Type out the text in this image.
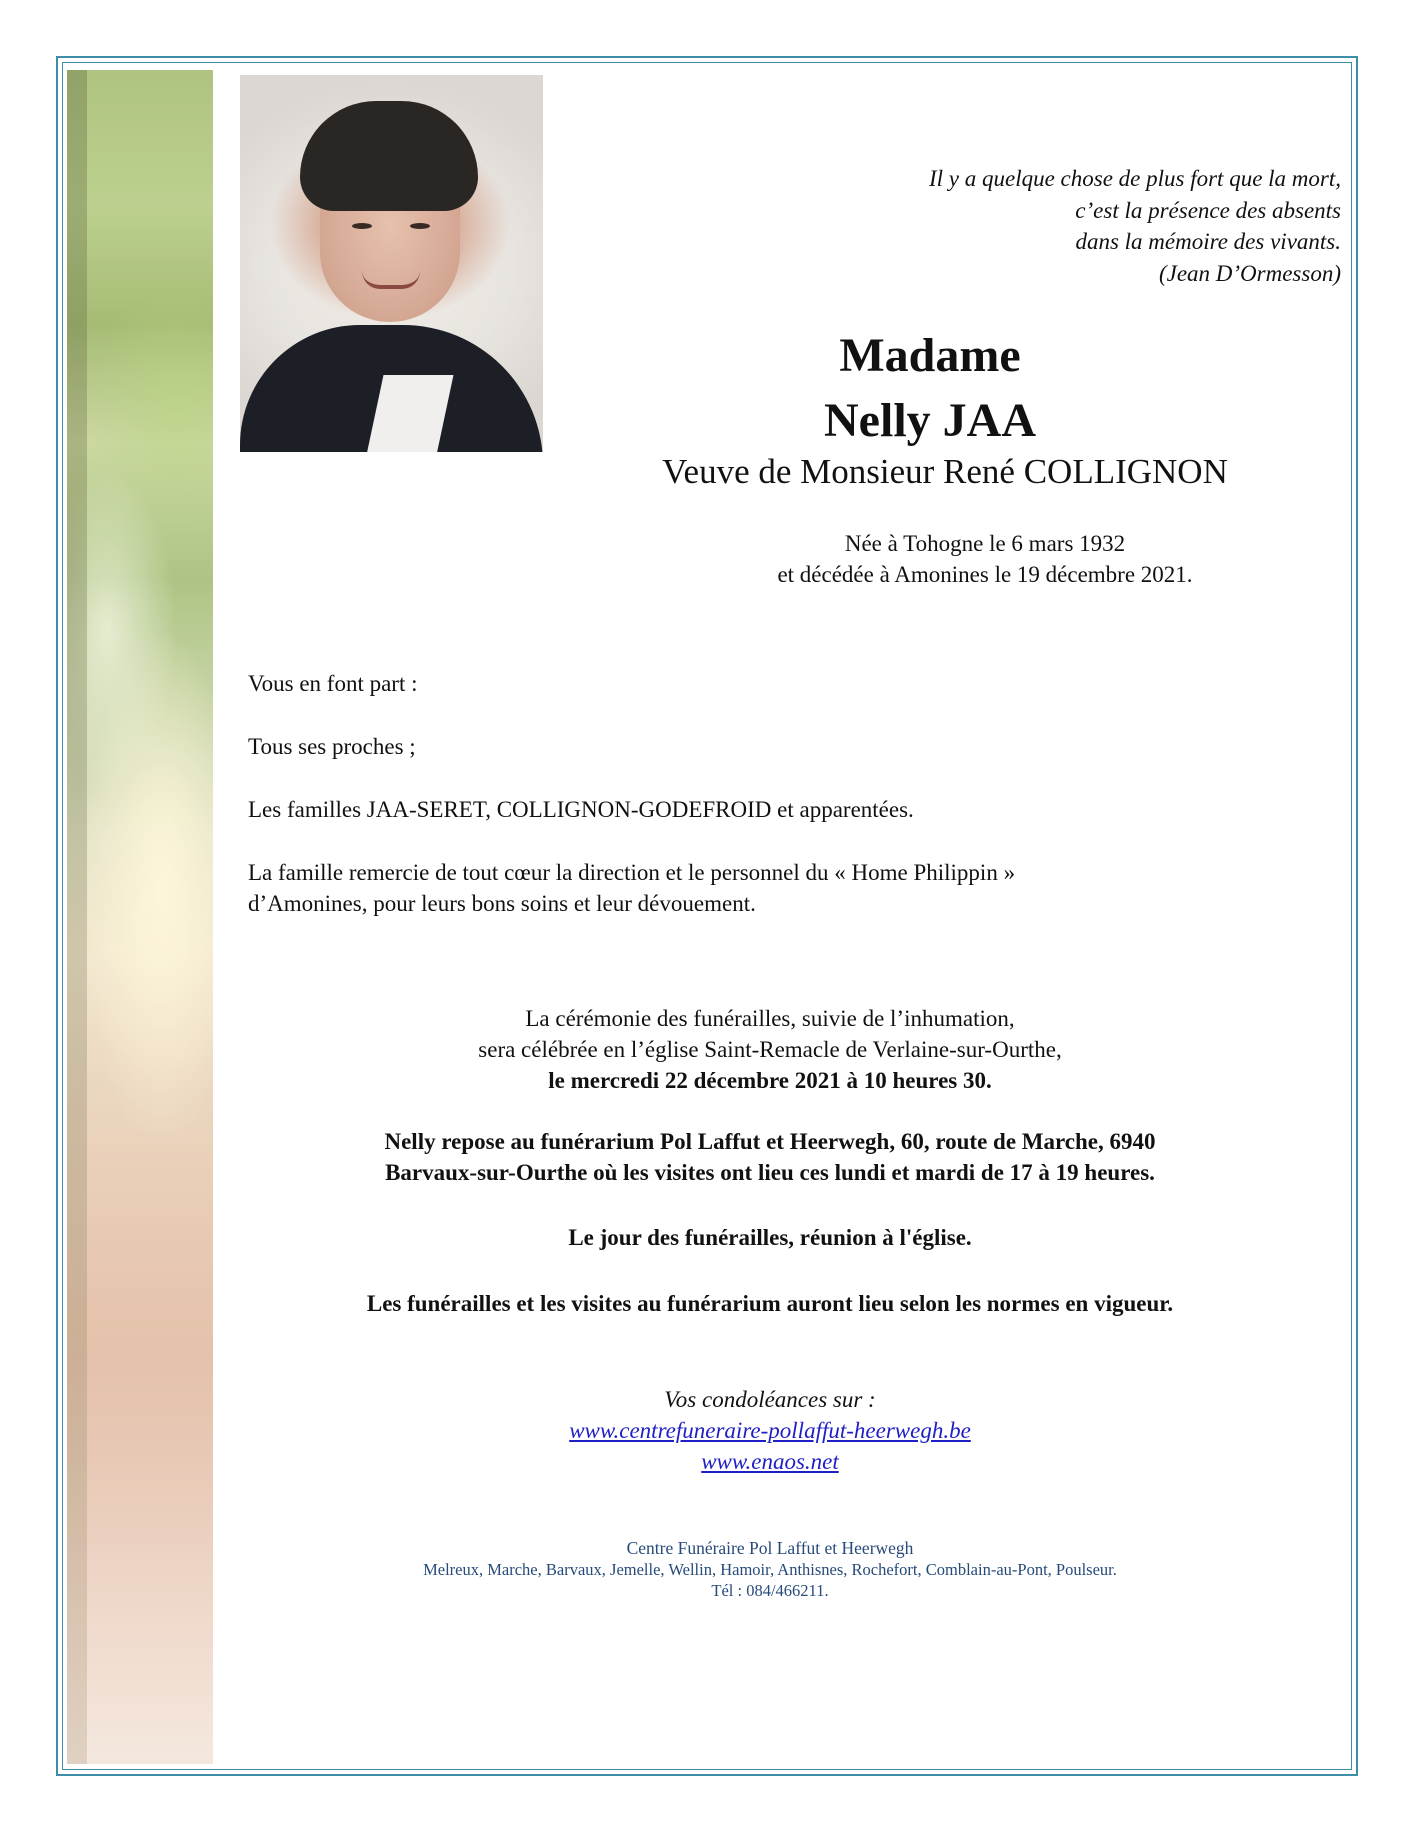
Il y a quelque chose de plus fort que la mort,
c’est la présence des absents
dans la mémoire des vivants.
(Jean D’Ormesson)
Madame
Nelly JAA
Veuve de Monsieur René COLLIGNON
Née à Tohogne le 6 mars 1932
et décédée à Amonines le 19 décembre 2021.
Vous en font part :
Tous ses proches ;
Les familles JAA-SERET, COLLIGNON-GODEFROID et apparentées.
La famille remercie de tout cœur la direction et le personnel du « Home Philippin »
d’Amonines, pour leurs bons soins et leur dévouement.
La cérémonie des funérailles, suivie de l’inhumation,
sera célébrée en l’église Saint-Remacle de Verlaine-sur-Ourthe,
le mercredi 22 décembre 2021 à 10 heures 30.
Nelly repose au funérarium Pol Laffut et Heerwegh, 60, route de Marche, 6940
Barvaux-sur-Ourthe où les visites ont lieu ces lundi et mardi de 17 à 19 heures.
Le jour des funérailles, réunion à l'église.
Les funérailles et les visites au funérarium auront lieu selon les normes en vigueur.
Vos condoléances sur :
www.centrefuneraire-pollaffut-heerwegh.be
www.enaos.net
Centre Funéraire Pol Laffut et Heerwegh
Melreux, Marche, Barvaux, Jemelle, Wellin, Hamoir, Anthisnes, Rochefort, Comblain-au-Pont, Poulseur.
Tél : 084/466211.
